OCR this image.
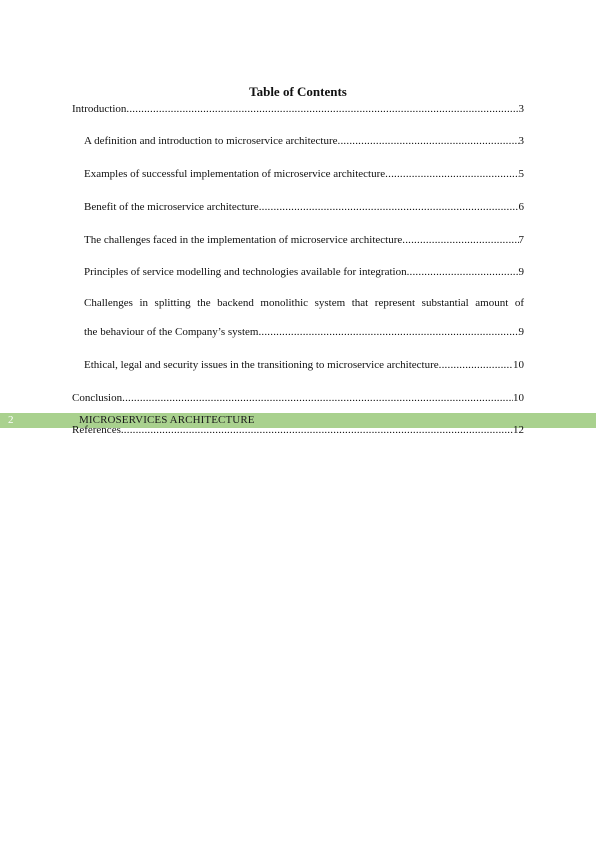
Table of Contents
Introduction .....	3
A definition and introduction to microservice architecture .....	3
Examples of successful implementation of microservice architecture .....	5
Benefit of the microservice architecture .....	6
The challenges faced in the implementation of microservice architecture .....	7
Principles of service modelling and technologies available for integration .....	9
Challenges in splitting the backend monolithic system that represent substantial amount of
the behaviour of the Company’s system .....	9
Ethical, legal and security issues in the transitioning to microservice architecture .....	10
Conclusion .....	10
References .....	12
2	MICROSERVICES ARCHITECTURE
